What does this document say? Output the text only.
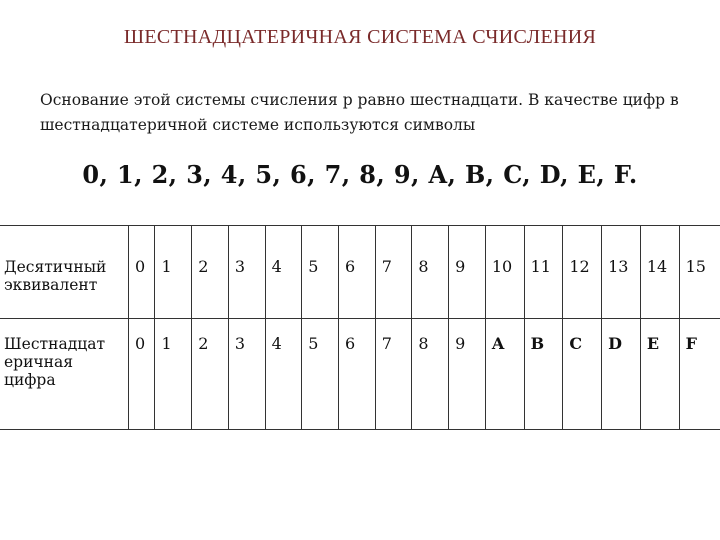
ШЕСТНАДЦАТЕРИЧНАЯ СИСТЕМА СЧИСЛЕНИЯ
Основание этой системы счисления р равно шестнадцати. В качестве цифр в шестнадцатеричной системе используются символы
0, 1, 2, 3, 4, 5, 6, 7, 8, 9, A, B, C, D, E, F.
Десятичный эквивалент	0	1	2	3	4	5	6	7	8	9	10	11	12	13	14	15
Шестнадцат еричная цифра	0	1	2	3	4	5	6	7	8	9	A	B	C	D	E	F
